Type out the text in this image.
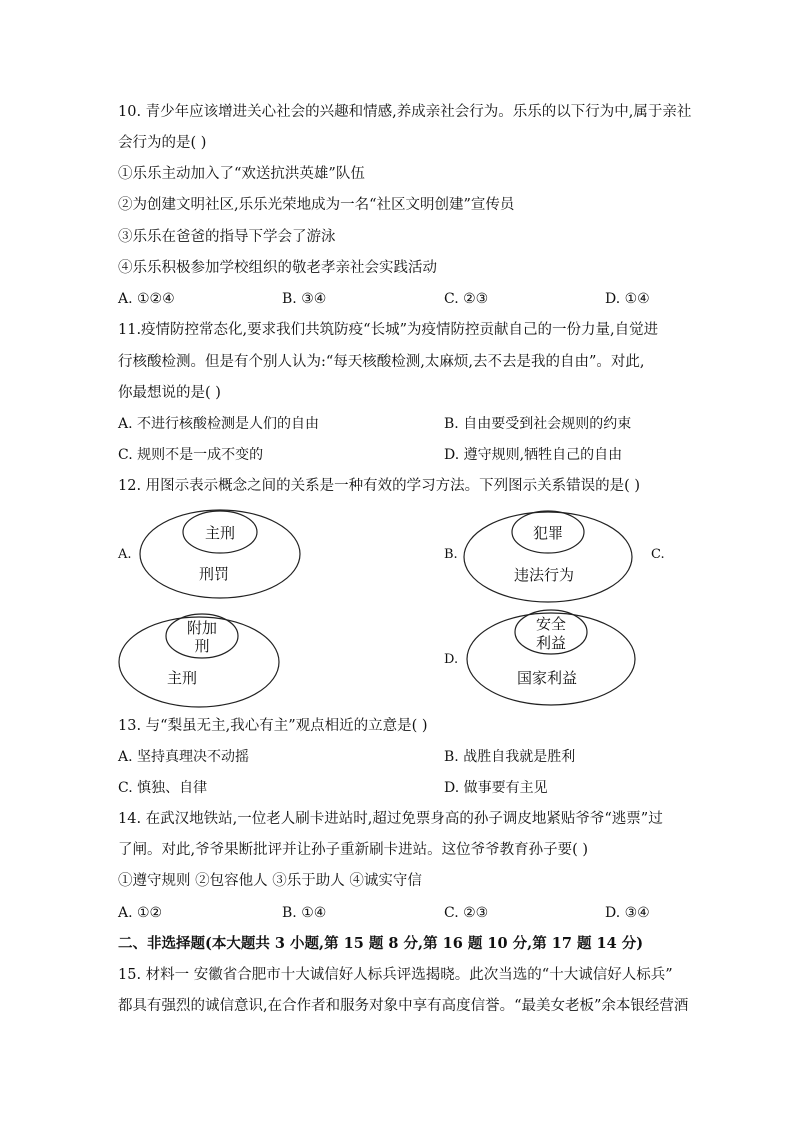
10. 青少年应该增进关心社会的兴趣和情感,养成亲社会行为。乐乐的以下行为中,属于亲社
会行为的是( )
①乐乐主动加入了“欢送抗洪英雄”队伍
②为创建文明社区,乐乐光荣地成为一名“社区文明创建”宣传员
③乐乐在爸爸的指导下学会了游泳
④乐乐积极参加学校组织的敬老孝亲社会实践活动
A. ①②④	B. ③④	C. ②③	D. ①④
11.疫情防控常态化,要求我们共筑防疫“长城”为疫情防控贡献自己的一份力量,自觉进
行核酸检测。但是有个别人认为:“每天核酸检测,太麻烦,去不去是我的自由”。对此,
你最想说的是( )
A. 不进行核酸检测是人们的自由	B. 自由要受到社会规则的约束
C. 规则不是一成不变的	D. 遵守规则,牺牲自己的自由
12. 用图示表示概念之间的关系是一种有效的学习方法。下列图示关系错误的是( )
A.	B.	C.
D.
主刑
刑罚
犯罪
违法行为
附加
刑
主刑
安全
利益
国家利益
13. 与“梨虽无主,我心有主”观点相近的立意是( )
A. 坚持真理决不动摇	B. 战胜自我就是胜利
C. 慎独、自律	D. 做事要有主见
14. 在武汉地铁站,一位老人刷卡进站时,超过免票身高的孙子调皮地紧贴爷爷“逃票”过
了闸。对此,爷爷果断批评并让孙子重新刷卡进站。这位爷爷教育孙子要( )
①遵守规则 ②包容他人 ③乐于助人 ④诚实守信
A. ①②	B. ①④	C. ②③	D. ③④
二、非选择题(本大题共 3 小题,第 15 题 8 分,第 16 题 10 分,第 17 题 14 分)
15. 材料一 安徽省合肥市十大诚信好人标兵评选揭晓。此次当选的“十大诚信好人标兵”
都具有强烈的诚信意识,在合作者和服务对象中享有高度信誉。“最美女老板”余本银经营酒
